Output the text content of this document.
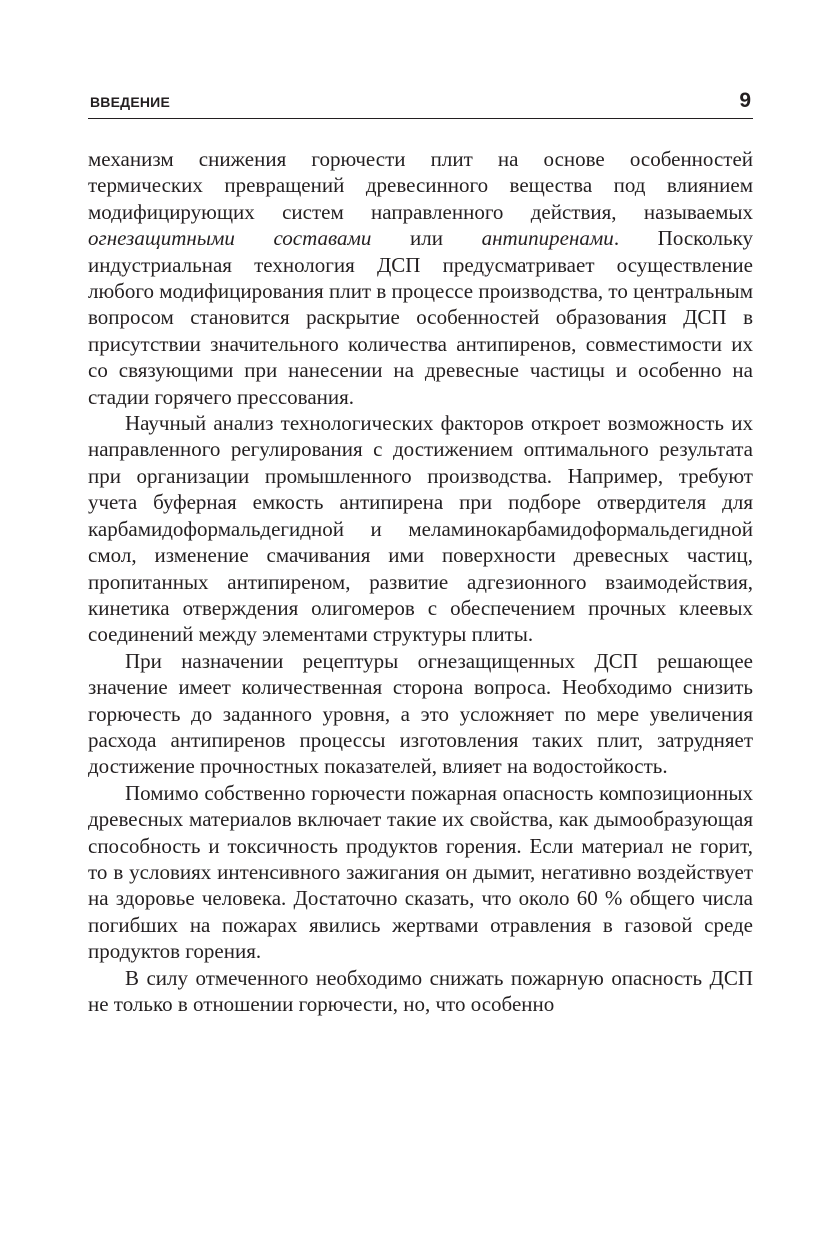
ВВЕДЕНИЕ	9

механизм снижения горючести плит на основе особенностей термических превращений древесинного вещества под влиянием модифицирующих систем направленного действия, называемых огнезащитными составами или антипиренами. Поскольку индустриальная технология ДСП предусматривает осуществление любого модифицирования плит в процессе производства, то центральным вопросом становится раскрытие особенностей образования ДСП в присутствии значительного количества антипиренов, совместимости их со связующими при нанесении на древесные частицы и особенно на стадии горячего прессования.

Научный анализ технологических факторов откроет возможность их направленного регулирования с достижением оптимального результата при организации промышленного производства. Например, требуют учета буферная емкость антипирена при подборе отвердителя для карбамидоформальдегидной и меламинокарбамидоформальдегидной смол, изменение смачивания ими поверхности древесных частиц, пропитанных антипиреном, развитие адгезионного взаимодействия, кинетика отверждения олигомеров с обеспечением прочных клеевых соединений между элементами структуры плиты.

При назначении рецептуры огнезащищенных ДСП решающее значение имеет количественная сторона вопроса. Необходимо снизить горючесть до заданного уровня, а это усложняет по мере увеличения расхода антипиренов процессы изготовления таких плит, затрудняет достижение прочностных показателей, влияет на водостойкость.

Помимо собственно горючести пожарная опасность композиционных древесных материалов включает такие их свойства, как дымообразующая способность и токсичность продуктов горения. Если материал не горит, то в условиях интенсивного зажигания он дымит, негативно воздействует на здоровье человека. Достаточно сказать, что около 60 % общего числа погибших на пожарах явились жертвами отравления в газовой среде продуктов горения.

В силу отмеченного необходимо снижать пожарную опасность ДСП не только в отношении горючести, но, что особенно
